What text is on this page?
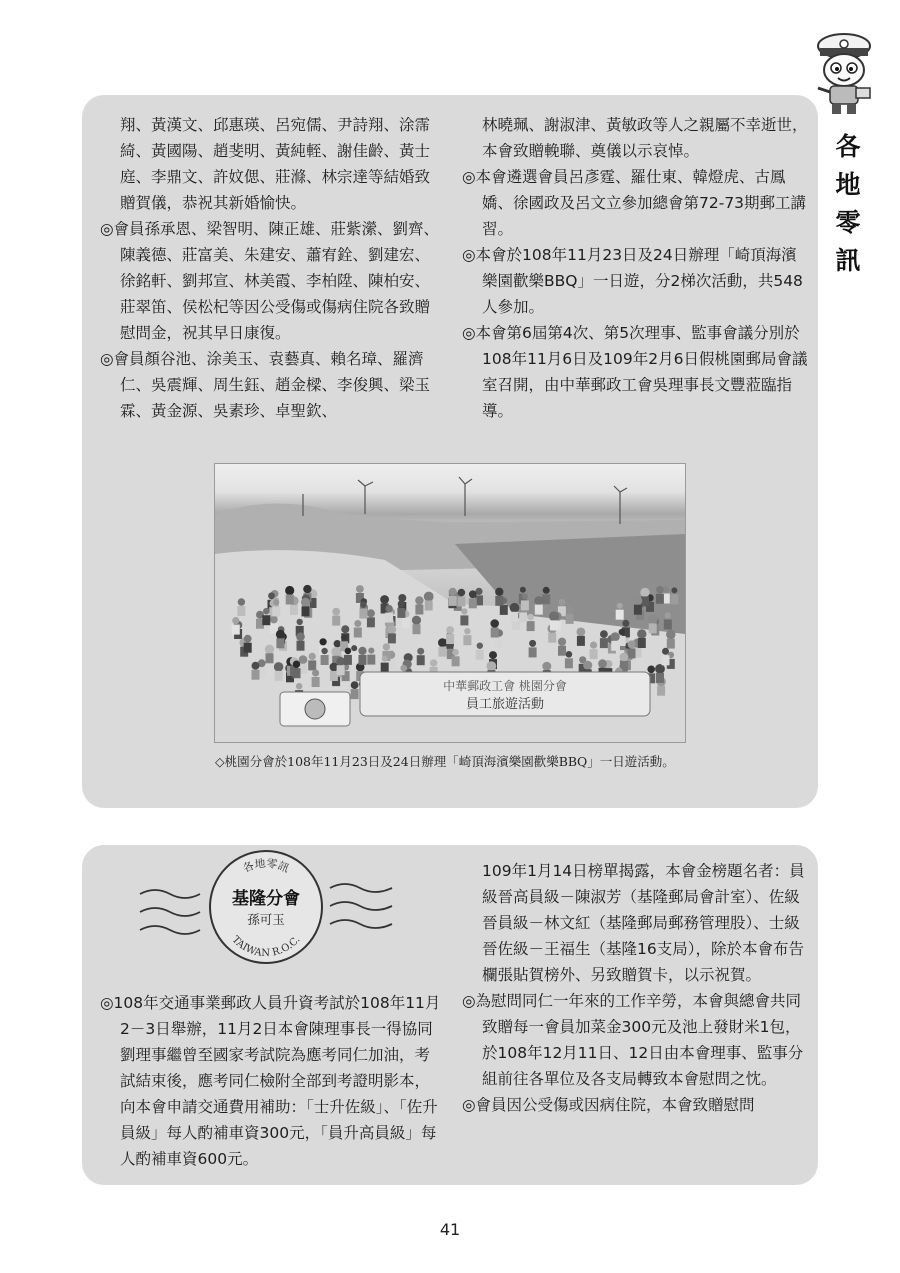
各
地
零
訊

翔、黃漢文、邱惠瑛、呂宛儒、尹詩翔、涂霈綺、黃國陽、趙斐明、黃純輊、謝佳齡、黃士庭、李鼎文、許妏偲、莊滌、林宗達等結婚致贈賀儀，恭祝其新婚愉快。

◎會員孫承恩、梁智明、陳正雄、莊紫瀠、劉齊、陳義德、莊富美、朱建安、蕭宥銓、劉建宏、徐銘軒、劉邦宣、林美霞、李柏陞、陳柏安、莊翠笛、侯松杞等因公受傷或傷病住院各致贈慰問金，祝其早日康復。

◎會員顏谷池、涂美玉、袁藝真、賴名璋、羅濟仁、吳震輝、周生鈺、趙金樑、李俊興、梁玉霖、黃金源、吳素珍、卓聖欽、

林曉珮、謝淑津、黃敏政等人之親屬不幸逝世，本會致贈輓聯、奠儀以示哀悼。

◎本會遴選會員呂彥霆、羅仕東、韓燈虎、古鳳嬌、徐國政及呂文立參加總會第72-73期郵工講習。

◎本會於108年11月23日及24日辦理「崎頂海濱樂園歡樂BBQ」一日遊，分2梯次活動，共548人參加。

◎本會第6屆第4次、第5次理事、監事會議分別於108年11月6日及109年2月6日假桃園郵局會議室召開，由中華郵政工會吳理事長文豐蒞臨指導。

中華郵政工會 桃園分會
員工旅遊活動
◇桃園分會於108年11月23日及24日辦理「崎頂海濱樂園歡樂BBQ」一日遊活動。
各地零訊
TAIWAN R.O.C.
基隆分會
孫可玉

◎108年交通事業郵政人員升資考試於108年11月2－3日舉辦，11月2日本會陳理事長一得協同劉理事繼曾至國家考試院為應考同仁加油，考試結束後，應考同仁檢附全部到考證明影本，向本會申請交通費用補助：「士升佐級」、「佐升員級」每人酌補車資300元，「員升高員級」每人酌補車資600元。

109年1月14日榜單揭露，本會金榜題名者：員級晉高員級－陳淑芳（基隆郵局會計室）、佐級晉員級－林文紅（基隆郵局郵務管理股）、士級晉佐級－王福生（基隆16支局），除於本會布告欄張貼賀榜外、另致贈賀卡，以示祝賀。

◎為慰問同仁一年來的工作辛勞，本會與總會共同致贈每一會員加菜金300元及池上發財米1包，於108年12月11日、12日由本會理事、監事分組前往各單位及各支局轉致本會慰問之忱。

◎會員因公受傷或因病住院，本會致贈慰問

41
